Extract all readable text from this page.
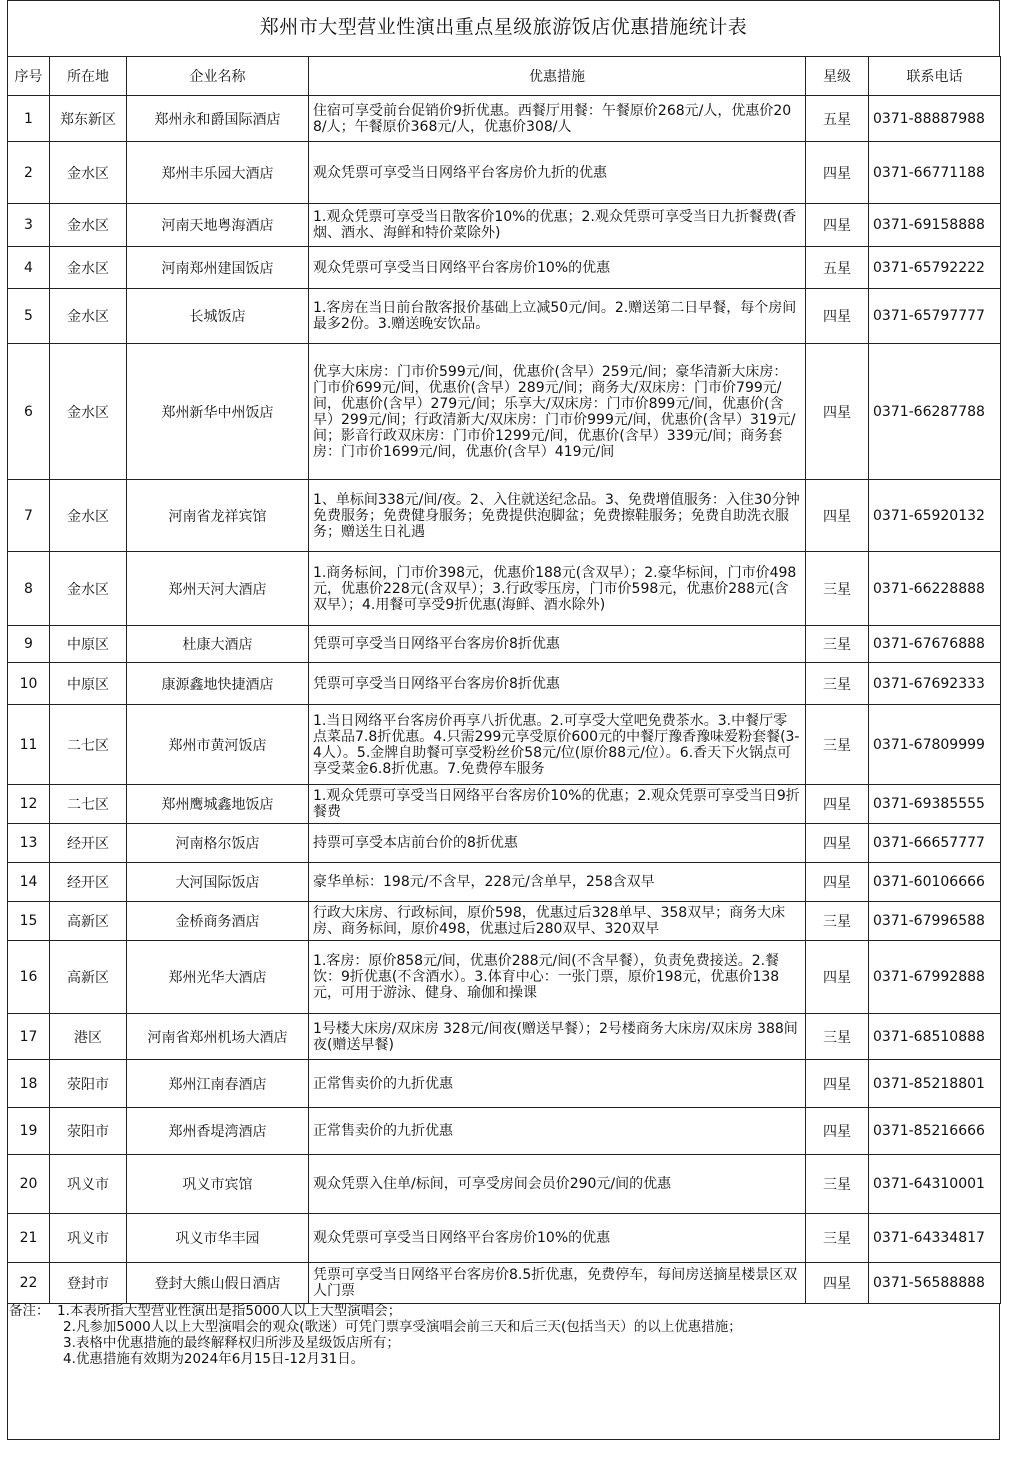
郑州市大型营业性演出重点星级旅游饭店优惠措施统计表
序号	所在地	企业名称	优惠措施	星级	联系电话
1	郑东新区	郑州永和爵国际酒店	住宿可享受前台促销价9折优惠。西餐厅用餐：午餐原价268元/人，优惠价208/人；午餐原价368元/人，优惠价308/人	五星	0371-88887988
2	金水区	郑州丰乐园大酒店	观众凭票可享受当日网络平台客房价九折的优惠	四星	0371-66771188
3	金水区	河南天地粤海酒店	1.观众凭票可享受当日散客价10%的优惠；2.观众凭票可享受当日九折餐费(香烟、酒水、海鲜和特价菜除外)	四星	0371-69158888
4	金水区	河南郑州建国饭店	观众凭票可享受当日网络平台客房价10%的优惠	五星	0371-65792222
5	金水区	长城饭店	1.客房在当日前台散客报价基础上立减50元/间。2.赠送第二日早餐，每个房间最多2份。3.赠送晚安饮品。	四星	0371-65797777
6	金水区	郑州新华中州饭店	优享大床房：门市价599元/间，优惠价(含早）259元/间；豪华清新大床房：门市价699元/间，优惠价(含早）289元/间；商务大/双床房：门市价799元/间，优惠价(含早）279元/间；乐享大/双床房：门市价899元/间，优惠价(含早）299元/间；行政清新大/双床房：门市价999元/间，优惠价(含早）319元/间；影音行政双床房：门市价1299元/间，优惠价(含早）339元/间；商务套房：门市价1699元/间，优惠价(含早）419元/间	四星	0371-66287788
7	金水区	河南省龙祥宾馆	1、单标间338元/间/夜。2、入住就送纪念品。3、免费增值服务：入住30分钟免费服务；免费健身服务；免费提供泡脚盆；免费擦鞋服务；免费自助洗衣服务；赠送生日礼遇	四星	0371-65920132
8	金水区	郑州天河大酒店	1.商务标间，门市价398元，优惠价188元(含双早）；2.豪华标间，门市价498元，优惠价228元(含双早）；3.行政零压房，门市价598元，优惠价288元(含双早）；4.用餐可享受9折优惠(海鲜、酒水除外)	三星	0371-66228888
9	中原区	杜康大酒店	凭票可享受当日网络平台客房价8折优惠	三星	0371-67676888
10	中原区	康源鑫地快捷酒店	凭票可享受当日网络平台客房价8折优惠	三星	0371-67692333
11	二七区	郑州市黄河饭店	1.当日网络平台客房价再享八折优惠。2.可享受大堂吧免费茶水。3.中餐厅零点菜品7.8折优惠。4.只需299元享受原价600元的中餐厅豫香豫味爱粉套餐(3-4人）。5.金牌自助餐可享受粉丝价58元/位(原价88元/位）。6.香天下火锅点可享受菜金6.8折优惠。7.免费停车服务	三星	0371-67809999
12	二七区	郑州鹰城鑫地饭店	1.观众凭票可享受当日网络平台客房价10%的优惠；2.观众凭票可享受当日9折餐费	四星	0371-69385555
13	经开区	河南格尔饭店	持票可享受本店前台价的8折优惠	四星	0371-66657777
14	经开区	大河国际饭店	豪华单标：198元/不含早，228元/含单早，258含双早	四星	0371-60106666
15	高新区	金桥商务酒店	行政大床房、行政标间，原价598，优惠过后328单早、358双早；商务大床房、商务标间，原价498，优惠过后280双早、320双早	三星	0371-67996588
16	高新区	郑州光华大酒店	1.客房：原价858元/间，优惠价288元/间(不含早餐），负责免费接送。2.餐饮：9折优惠(不含酒水）。3.体育中心：一张门票，原价198元，优惠价138元，可用于游泳、健身、瑜伽和操课	四星	0371-67992888
17	港区	河南省郑州机场大酒店	1号楼大床房/双床房 328元/间夜(赠送早餐）；2号楼商务大床房/双床房 388间夜(赠送早餐)	三星	0371-68510888
18	荥阳市	郑州江南春酒店	正常售卖价的九折优惠	四星	0371-85218801
19	荥阳市	郑州香堤湾酒店	正常售卖价的九折优惠	四星	0371-85216666
20	巩义市	巩义市宾馆	观众凭票入住单/标间，可享受房间会员价290元/间的优惠	三星	0371-64310001
21	巩义市	巩义市华丰园	观众凭票可享受当日网络平台客房价10%的优惠	三星	0371-64334817
22	登封市	登封大熊山假日酒店	凭票可享受当日网络平台客房价8.5折优惠，免费停车，每间房送摘星楼景区双人门票	四星	0371-56588888
备注： 1.本表所指大型营业性演出是指5000人以上大型演唱会；
2.凡参加5000人以上大型演唱会的观众(歌迷）可凭门票享受演唱会前三天和后三天(包括当天）的以上优惠措施；
3.表格中优惠措施的最终解释权归所涉及星级饭店所有；
4.优惠措施有效期为2024年6月15日-12月31日。
